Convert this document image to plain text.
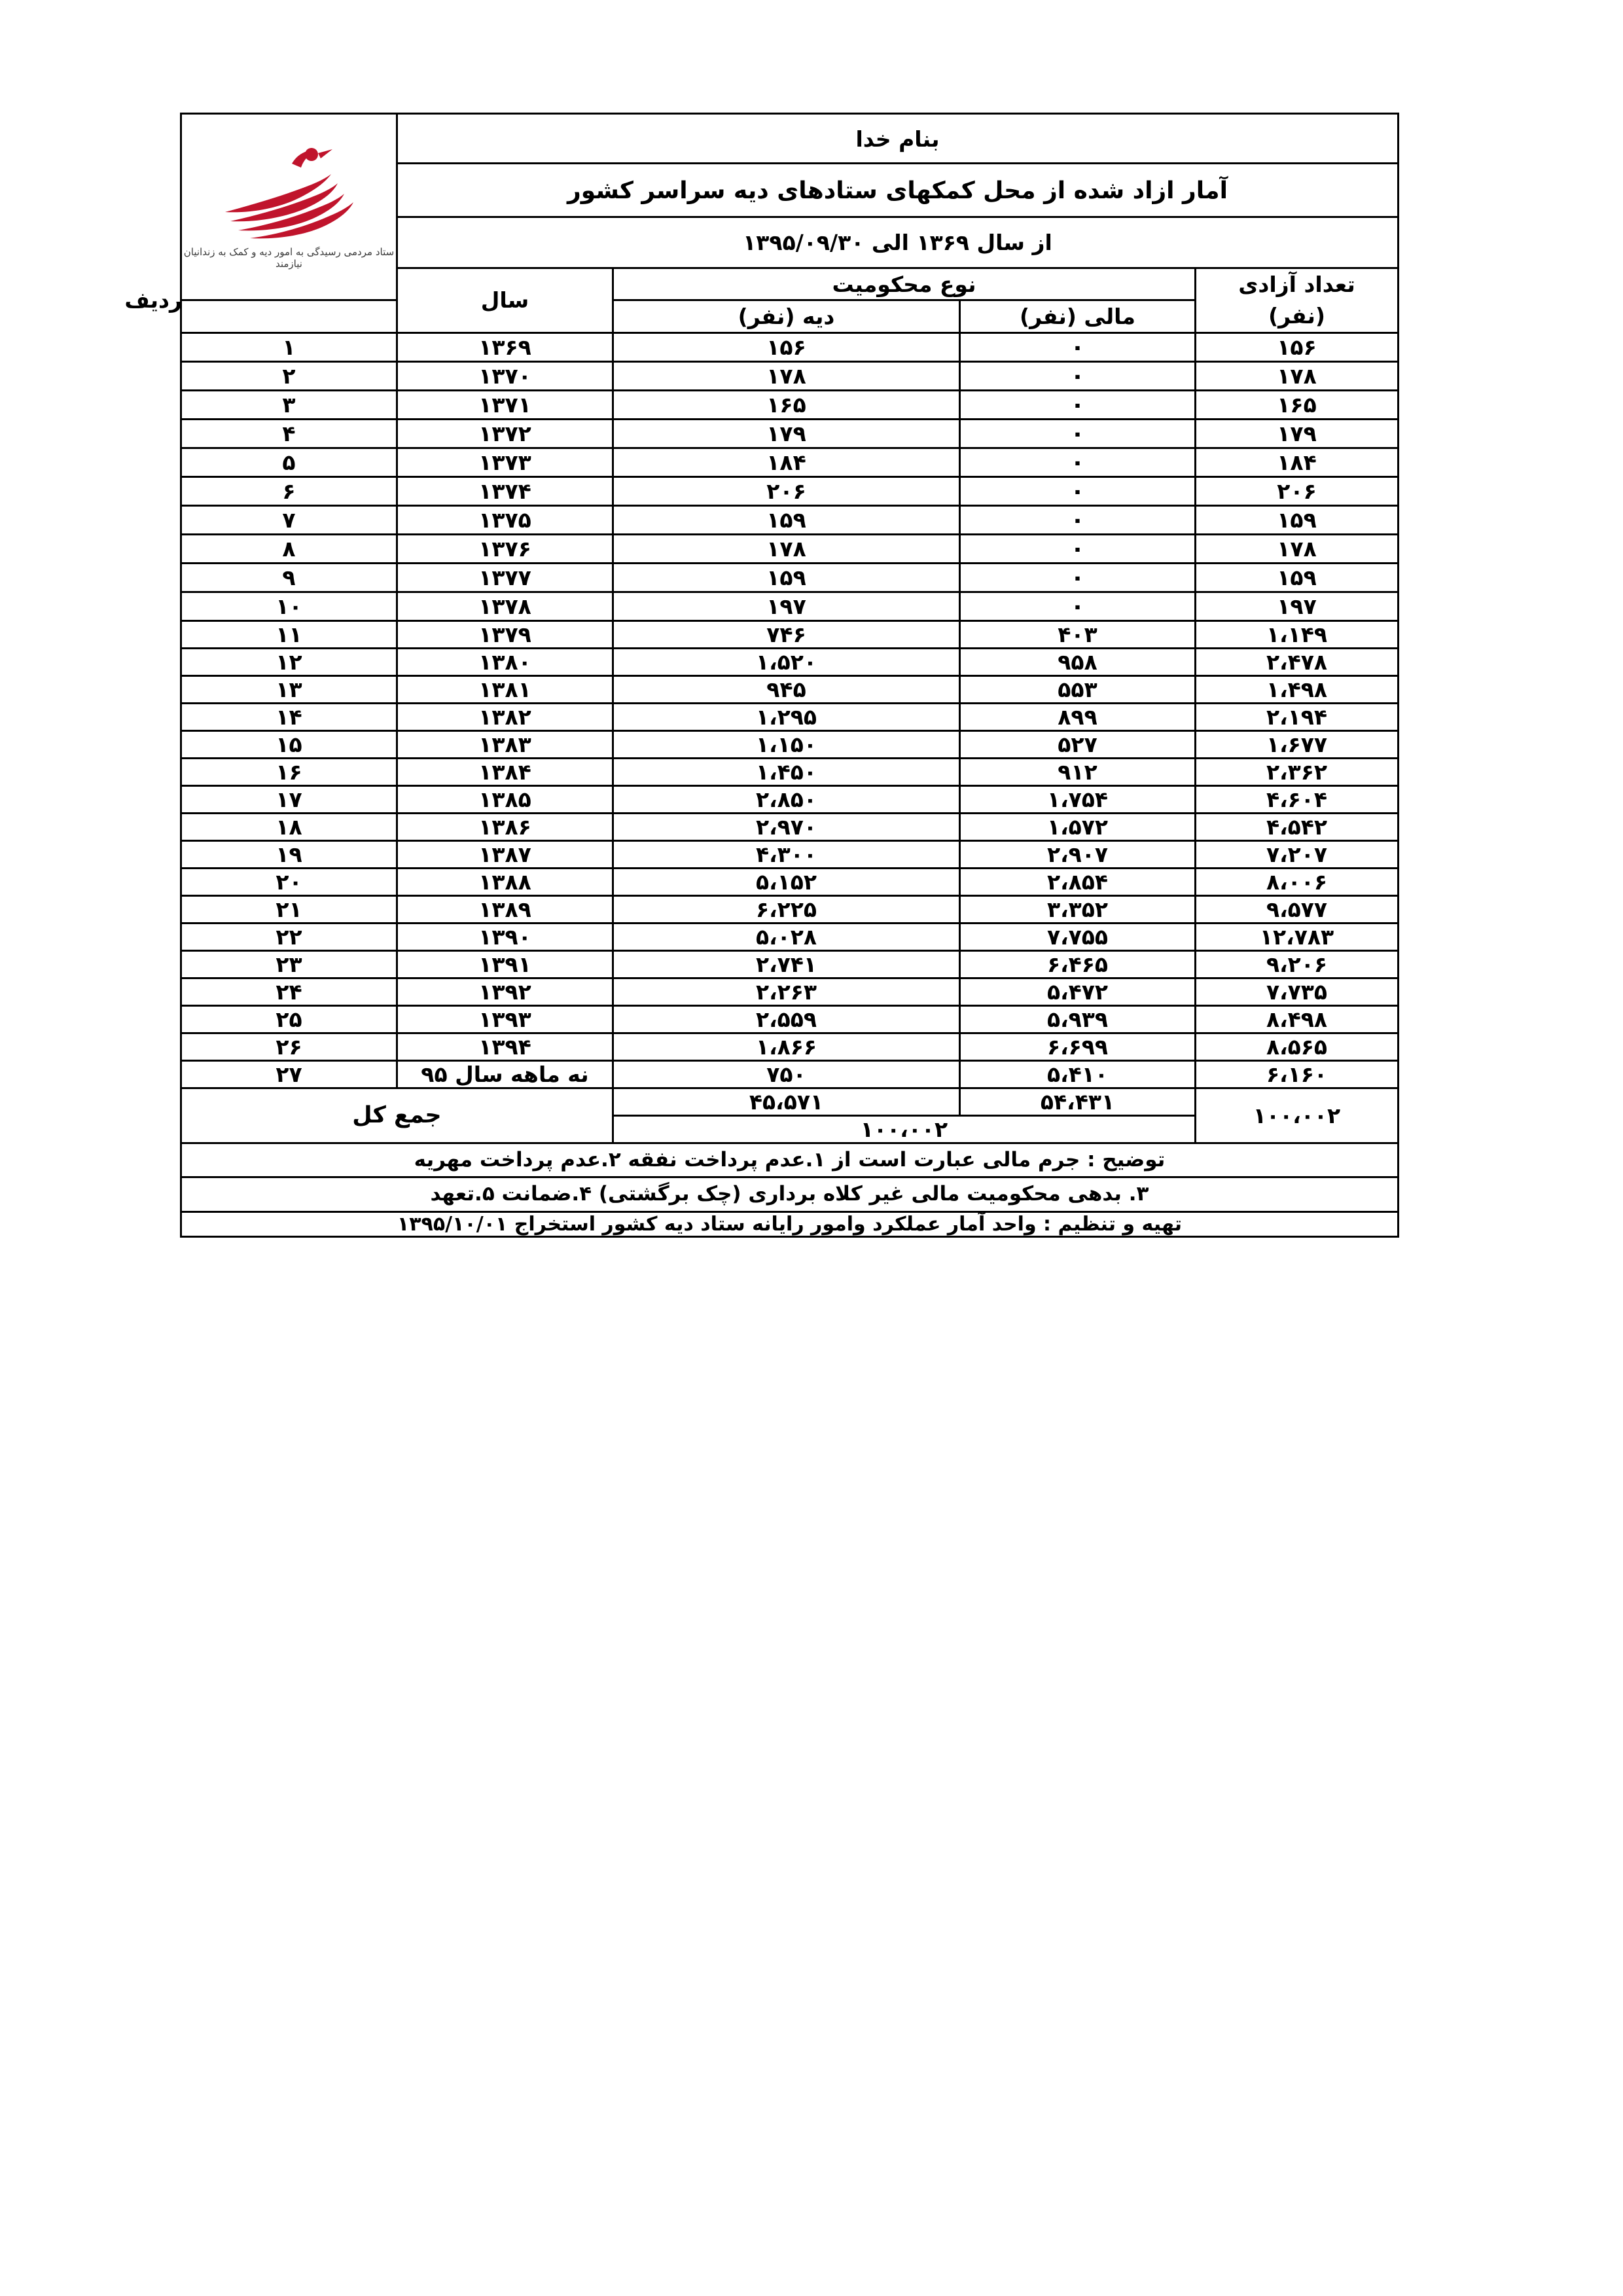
بنام خدا
آمار ازاد شده از محل کمکهای ستادهای دیه سراسر کشور
از سال ۱۳۶۹ الی ۱۳۹۵/۰۹/۳۰				ستاد مردمی رسیدگی به امور دیه و کمک به زندانیان نیازمند	

تعداد آزادی
(نفر)	نوع محکومیت		سال		ردیف
	مالی (نفر)	دیه (نفر)			
۱۵۶	۰	۱۵۶	۱۳۶۹	۱	
۱۷۸	۰	۱۷۸	۱۳۷۰	۲	
۱۶۵	۰	۱۶۵	۱۳۷۱	۳	
۱۷۹	۰	۱۷۹	۱۳۷۲	۴	
۱۸۴	۰	۱۸۴	۱۳۷۳	۵	
۲۰۶	۰	۲۰۶	۱۳۷۴	۶	
۱۵۹	۰	۱۵۹	۱۳۷۵	۷	
۱۷۸	۰	۱۷۸	۱۳۷۶	۸	
۱۵۹	۰	۱۵۹	۱۳۷۷	۹	
۱۹۷	۰	۱۹۷	۱۳۷۸	۱۰	
۱،۱۴۹	۴۰۳	۷۴۶	۱۳۷۹	۱۱	
۲،۴۷۸	۹۵۸	۱،۵۲۰	۱۳۸۰	۱۲	
۱،۴۹۸	۵۵۳	۹۴۵	۱۳۸۱	۱۳	
۲،۱۹۴	۸۹۹	۱،۲۹۵	۱۳۸۲	۱۴	
۱،۶۷۷	۵۲۷	۱،۱۵۰	۱۳۸۳	۱۵	
۲،۳۶۲	۹۱۲	۱،۴۵۰	۱۳۸۴	۱۶	
۴،۶۰۴	۱،۷۵۴	۲،۸۵۰	۱۳۸۵	۱۷	
۴،۵۴۲	۱،۵۷۲	۲،۹۷۰	۱۳۸۶	۱۸	
۷،۲۰۷	۲،۹۰۷	۴،۳۰۰	۱۳۸۷	۱۹	
۸،۰۰۶	۲،۸۵۴	۵،۱۵۲	۱۳۸۸	۲۰	
۹،۵۷۷	۳،۳۵۲	۶،۲۲۵	۱۳۸۹	۲۱	
۱۲،۷۸۳	۷،۷۵۵	۵،۰۲۸	۱۳۹۰	۲۲	
۹،۲۰۶	۶،۴۶۵	۲،۷۴۱	۱۳۹۱	۲۳	
۷،۷۳۵	۵،۴۷۲	۲،۲۶۳	۱۳۹۲	۲۴	
۸،۴۹۸	۵،۹۳۹	۲،۵۵۹	۱۳۹۳	۲۵	
۸،۵۶۵	۶،۶۹۹	۱،۸۶۶	۱۳۹۴	۲۶	
۶،۱۶۰	۵،۴۱۰	۷۵۰	نه ماهه سال ۹۵	۲۷	
۱۰۰،۰۰۲	۵۴،۴۳۱	۴۵،۵۷۱	جمع کل		
	۱۰۰،۰۰۲				
توضیح : جرم مالی عبارت است از ۱.عدم پرداخت نفقه ۲.عدم پرداخت مهریه					
۳. بدهی محکومیت مالی غیر کلاه برداری (چک برگشتی) ۴.ضمانت ۵.تعهد					
تهیه و تنظیم : واحد آمار عملکرد وامور رایانه ستاد دیه کشور استخراج ۱۳۹۵/۱۰/۰۱					
